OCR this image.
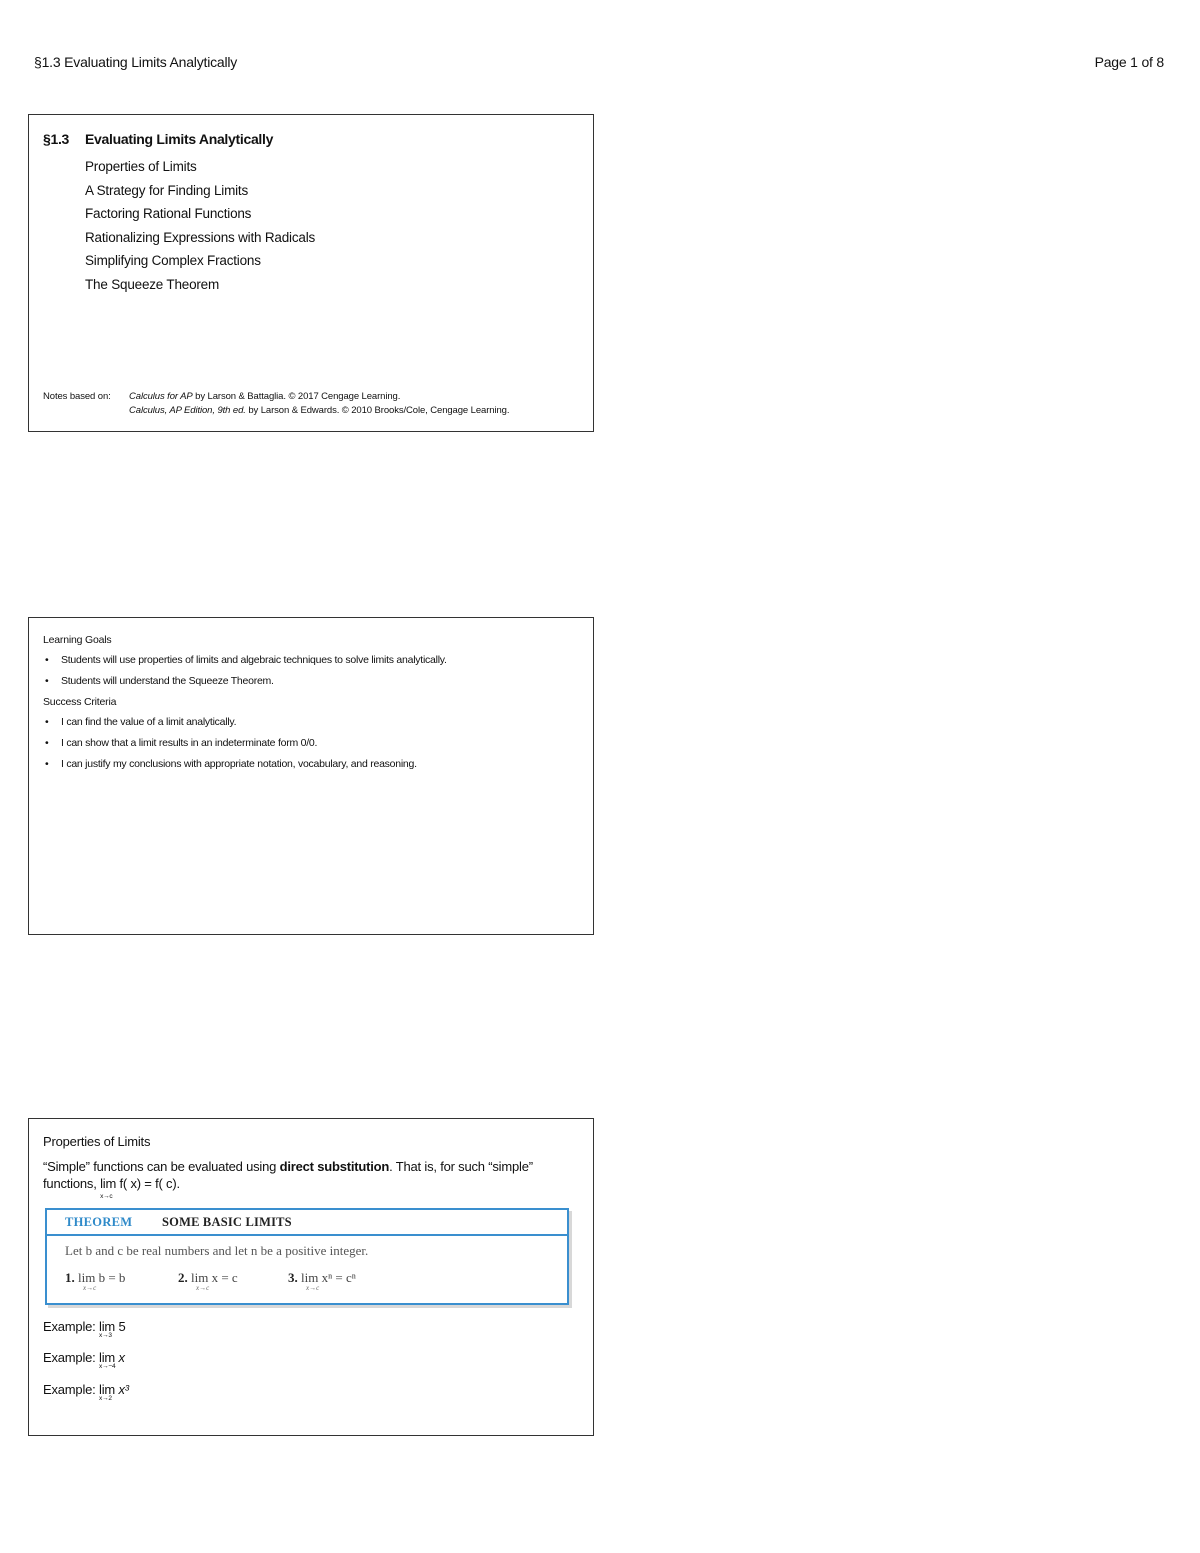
§1.3 Evaluating Limits Analytically	Page 1 of 8
§1.3 Evaluating Limits Analytically
Properties of Limits
A Strategy for Finding Limits
Factoring Rational Functions
Rationalizing Expressions with Radicals
Simplifying Complex Fractions
The Squeeze Theorem
Notes based on: Calculus for AP by Larson & Battaglia. © 2017 Cengage Learning.
Calculus, AP Edition, 9th ed. by Larson & Edwards. © 2010 Brooks/Cole, Cengage Learning.
Learning Goals
• Students will use properties of limits and algebraic techniques to solve limits analytically.
• Students will understand the Squeeze Theorem.
Success Criteria
• I can find the value of a limit analytically.
• I can show that a limit results in an indeterminate form 0/0.
• I can justify my conclusions with appropriate notation, vocabulary, and reasoning.
Properties of Limits
“Simple” functions can be evaluated using direct substitution. That is, for such “simple”
functions, lim
x→c
f( x) = f( c).
THEOREM SOME BASIC LIMITS
Let b and c be real numbers and let n be a positive integer.
1. lim b = b
x→c
2. lim x = c
x→c
3. lim xⁿ = cⁿ
x→c
Example: lim
x→3
5
Example: lim
x→−4
x
Example: lim
x→2
x³
